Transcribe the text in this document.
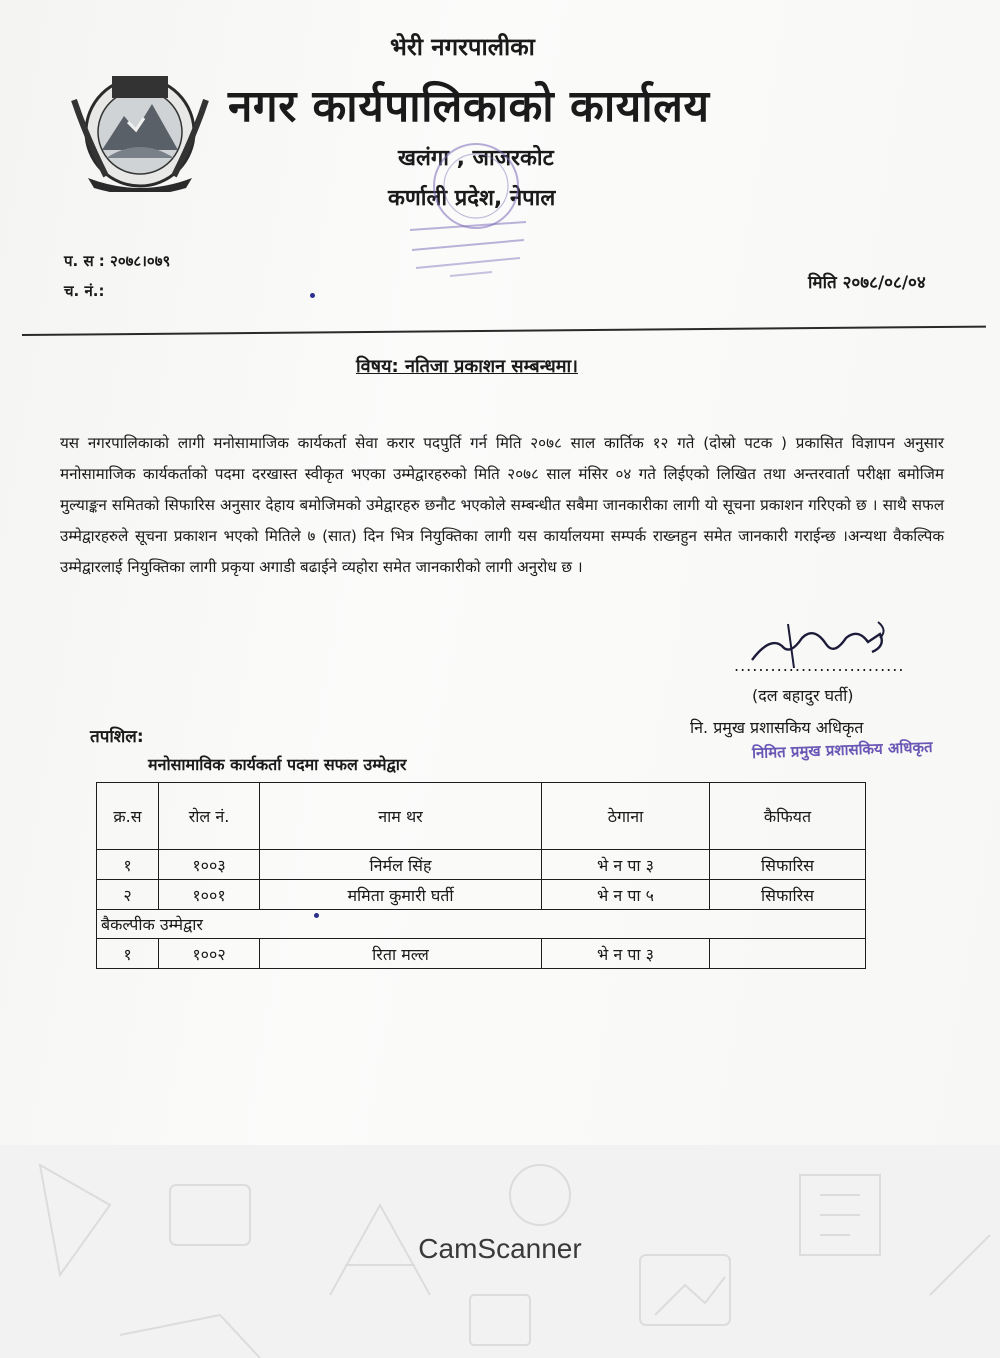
भेरी नगरपालीका
नगर कार्यपालिकाको कार्यालय
खलंगा , जाजरकोट
कर्णाली प्रदेश, नेपाल
प. स : २०७८।०७९
च. नं.:	मिति २०७८/०८/०४
विषय: नतिजा प्रकाशन सम्बन्धमा।

यस नगरपालिकाको लागी मनोसामाजिक कार्यकर्ता सेवा करार पदपुर्ति गर्न मिति २०७८ साल कार्तिक १२ गते (दोस्रो पटक ) प्रकासित विज्ञापन अनुसार मनोसामाजिक कार्यकर्ताको पदमा दरखास्त स्वीकृत भएका उम्मेद्वारहरुको मिति २०७८ साल मंसिर ०४ गते लिईएको लिखित तथा अन्तरवार्ता परीक्षा बमोजिम मुल्याङ्कन समितको सिफारिस अनुसार देहाय बमोजिमको उमेद्वारहरु छनौट भएकोले सम्बन्धीत सबैमा जानकारीका लागी यो सूचना प्रकाशन गरिएको छ । साथै सफल उम्मेद्वारहरुले सूचना प्रकाशन भएको मितिले ७ (सात) दिन भित्र नियुक्तिका लागी यस कार्यालयमा सम्पर्क राख्नहुन समेत जानकारी गराईन्छ ।अन्यथा वैकल्पिक उम्मेद्वारलाई नियुक्तिका लागी प्रकृया अगाडी बढाईने व्यहोरा समेत जानकारीको लागी अनुरोध छ ।

............................
(दल बहादुर घर्ती)
नि. प्रमुख प्रशासकिय अधिकृत
निमित प्रमुख प्रशासकिय अधिकृत
तपशिल:
मनोसामाविक कार्यकर्ता पदमा सफल उम्मेद्वार
क्र.स	रोल नं.	नाम थर	ठेगाना	कैफियत
१	१००३	निर्मल सिंह	भे न पा ३	सिफारिस
२	१००१	ममिता कुमारी घर्ती	भे न पा ५	सिफारिस
बैकल्पीक उम्मेद्वार				
१	१००२	रिता मल्ल	भे न पा ३	
CamScanner
